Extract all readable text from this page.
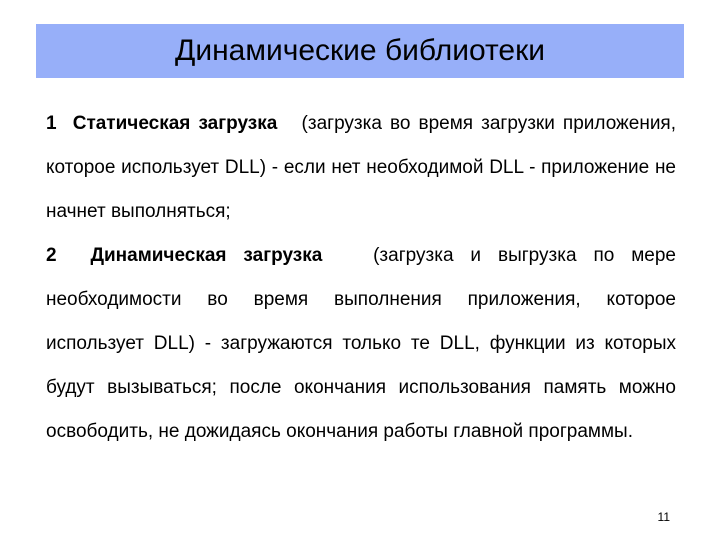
Динамические библиотеки

1 Статическая загрузка (загрузка во время загрузки приложения, которое использует DLL) - если нет необходимой DLL - приложение не начнет выполняться;

2 Динамическая загрузка	(загрузка и выгрузка по мере необходимости во время выполнения приложения, которое использует DLL) - загружаются только те DLL, функции из которых будут вызываться; после окончания использования память можно освободить, не дожидаясь окончания работы главной программы.

11
